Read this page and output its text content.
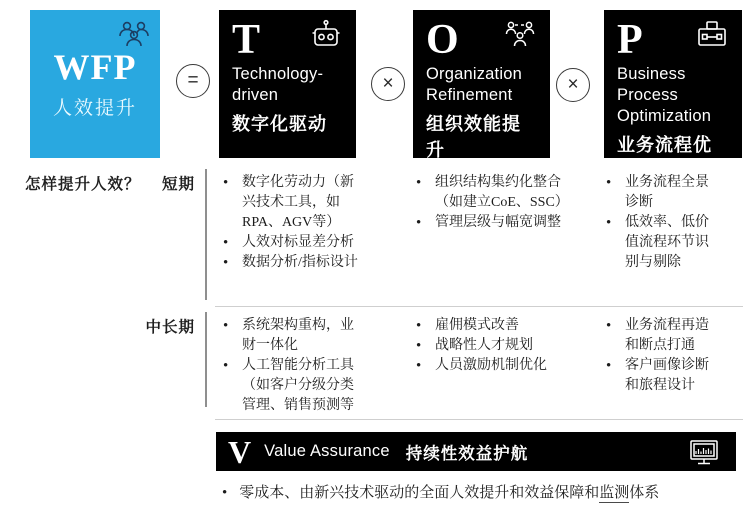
WFP
人效提升
=
T
Technology-driven
数字化驱动
×
O
Organization Refinement
组织效能提升
×
P
Business Process Optimization
业务流程优化
怎样提升人效？	短期
中长期
• 数字化劳动力（新兴技术工具，如RPA、AGV等）
• 人效对标显差分析
• 数据分析/指标设计
• 组织结构集约化整合（如建立CoE、SSC）
• 管理层级与幅宽调整
• 业务流程全景诊断
• 低效率、低价值流程环节识别与剔除
• 系统架构重构，业财一体化
• 人工智能分析工具（如客户分级分类管理、销售预测等
• 雇佣模式改善
• 战略性人才规划
• 人员激励机制优化
• 业务流程再造和断点打通
• 客户画像诊断和旅程设计
V Value Assurance 持续性效益护航
• 零成本、由新兴技术驱动的全面人效提升和效益保障和监测体系
